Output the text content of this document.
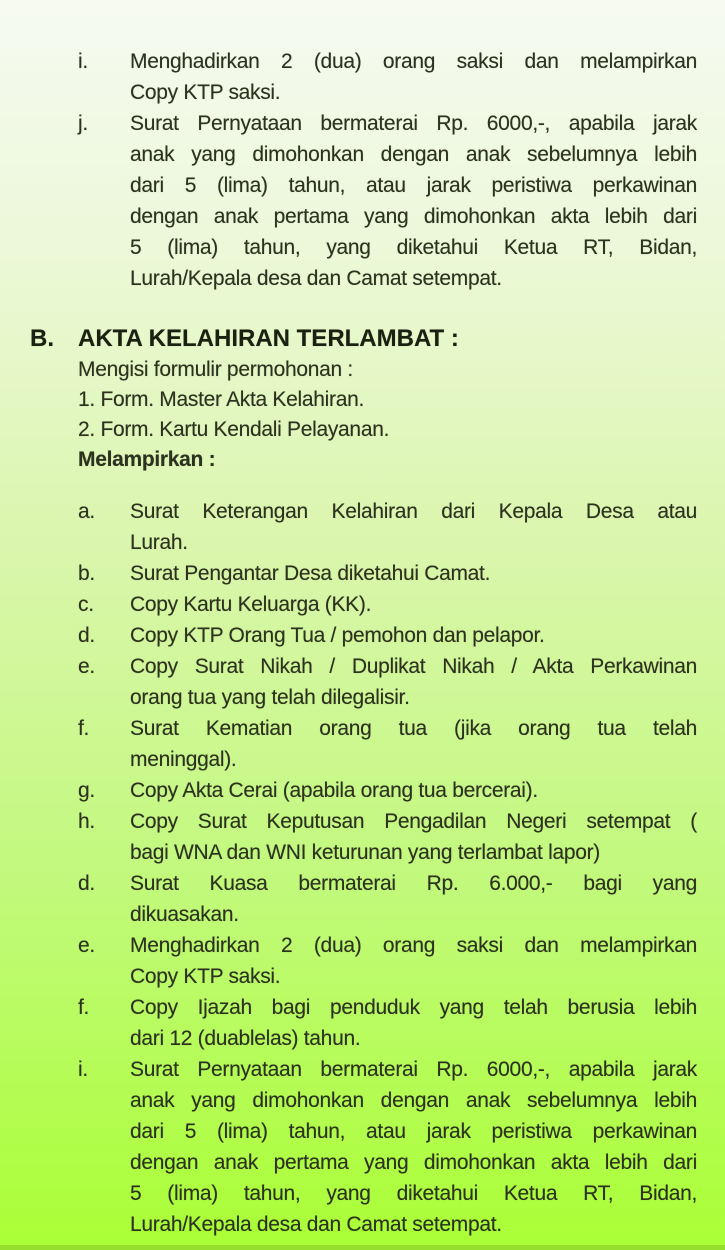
i.	Menghadirkan 2 (dua) orang saksi dan melampirkan
Copy KTP saksi.
j.	Surat Pernyataan bermaterai Rp. 6000,-, apabila jarak
anak yang dimohonkan dengan anak sebelumnya lebih
dari 5 (lima) tahun, atau jarak peristiwa perkawinan
dengan anak pertama yang dimohonkan akta lebih dari
5 (lima) tahun, yang diketahui Ketua RT, Bidan,
Lurah/Kepala desa dan Camat setempat.
B.	AKTA KELAHIRAN TERLAMBAT :
Mengisi formulir permohonan :
1. Form. Master Akta Kelahiran.
2. Form. Kartu Kendali Pelayanan.
Melampirkan :
a.	Surat Keterangan Kelahiran dari Kepala Desa atau
Lurah.
b.	Surat Pengantar Desa diketahui Camat.
c.	Copy Kartu Keluarga (KK).
d.	Copy KTP Orang Tua / pemohon dan pelapor.
e.	Copy Surat Nikah / Duplikat Nikah / Akta Perkawinan
orang tua yang telah dilegalisir.
f.	Surat Kematian orang tua (jika orang tua telah
meninggal).
g.	Copy Akta Cerai (apabila orang tua bercerai).
h.	Copy Surat Keputusan Pengadilan Negeri setempat (
bagi WNA dan WNI keturunan yang terlambat lapor)
d.	Surat Kuasa bermaterai Rp. 6.000,- bagi yang
dikuasakan.
e.	Menghadirkan 2 (dua) orang saksi dan melampirkan
Copy KTP saksi.
f.	Copy Ijazah bagi penduduk yang telah berusia lebih
dari 12 (duablelas) tahun.
i.	Surat Pernyataan bermaterai Rp. 6000,-, apabila jarak
anak yang dimohonkan dengan anak sebelumnya lebih
dari 5 (lima) tahun, atau jarak peristiwa perkawinan
dengan anak pertama yang dimohonkan akta lebih dari
5 (lima) tahun, yang diketahui Ketua RT, Bidan,
Lurah/Kepala desa dan Camat setempat.
